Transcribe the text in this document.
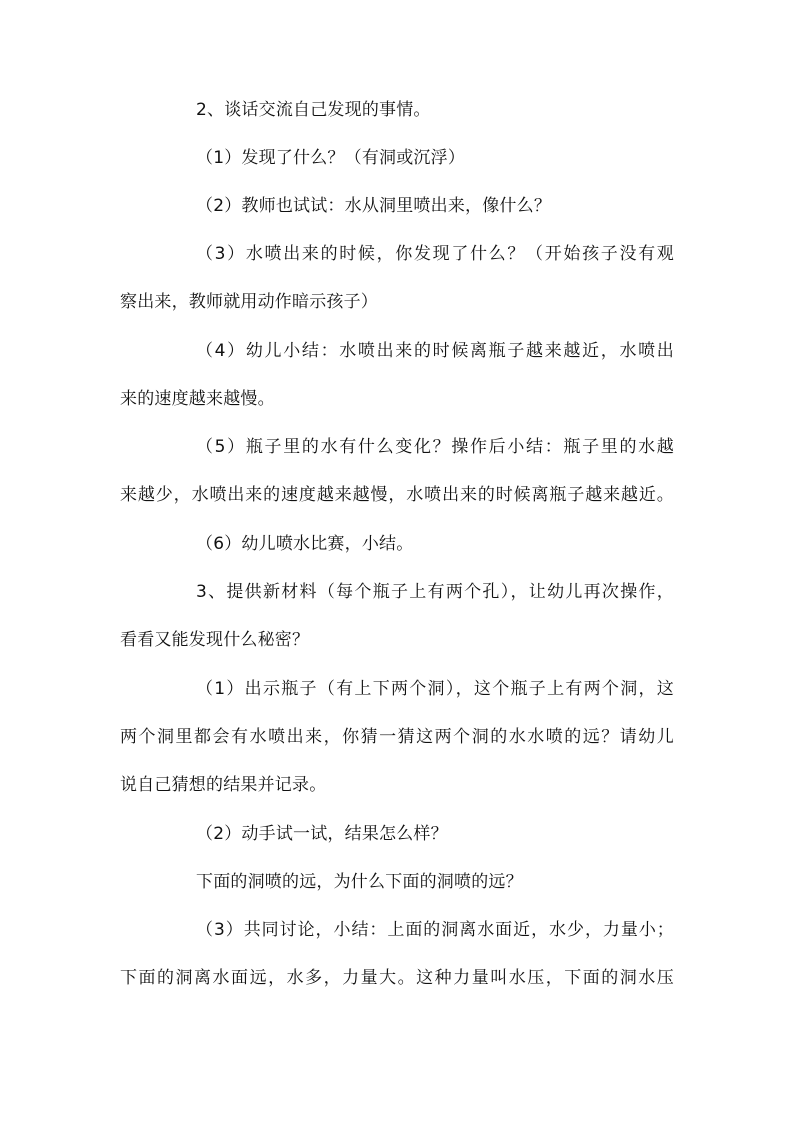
2、谈话交流自己发现的事情。
（1）发现了什么？（有洞或沉浮）
（2）教师也试试：水从洞里喷出来，像什么？
（3）水喷出来的时候，你发现了什么？（开始孩子没有观
察出来，教师就用动作暗示孩子）
（4）幼儿小结：水喷出来的时候离瓶子越来越近，水喷出
来的速度越来越慢。
（5）瓶子里的水有什么变化？操作后小结：瓶子里的水越
来越少，水喷出来的速度越来越慢，水喷出来的时候离瓶子越来越近。
（6）幼儿喷水比赛，小结。
3、提供新材料（每个瓶子上有两个孔），让幼儿再次操作，
看看又能发现什么秘密？
（1）出示瓶子（有上下两个洞），这个瓶子上有两个洞，这
两个洞里都会有水喷出来，你猜一猜这两个洞的水水喷的远？请幼儿
说自己猜想的结果并记录。
（2）动手试一试，结果怎么样？
下面的洞喷的远，为什么下面的洞喷的远？
（3）共同讨论，小结：上面的洞离水面近，水少，力量小；
下面的洞离水面远，水多，力量大。这种力量叫水压，下面的洞水压
